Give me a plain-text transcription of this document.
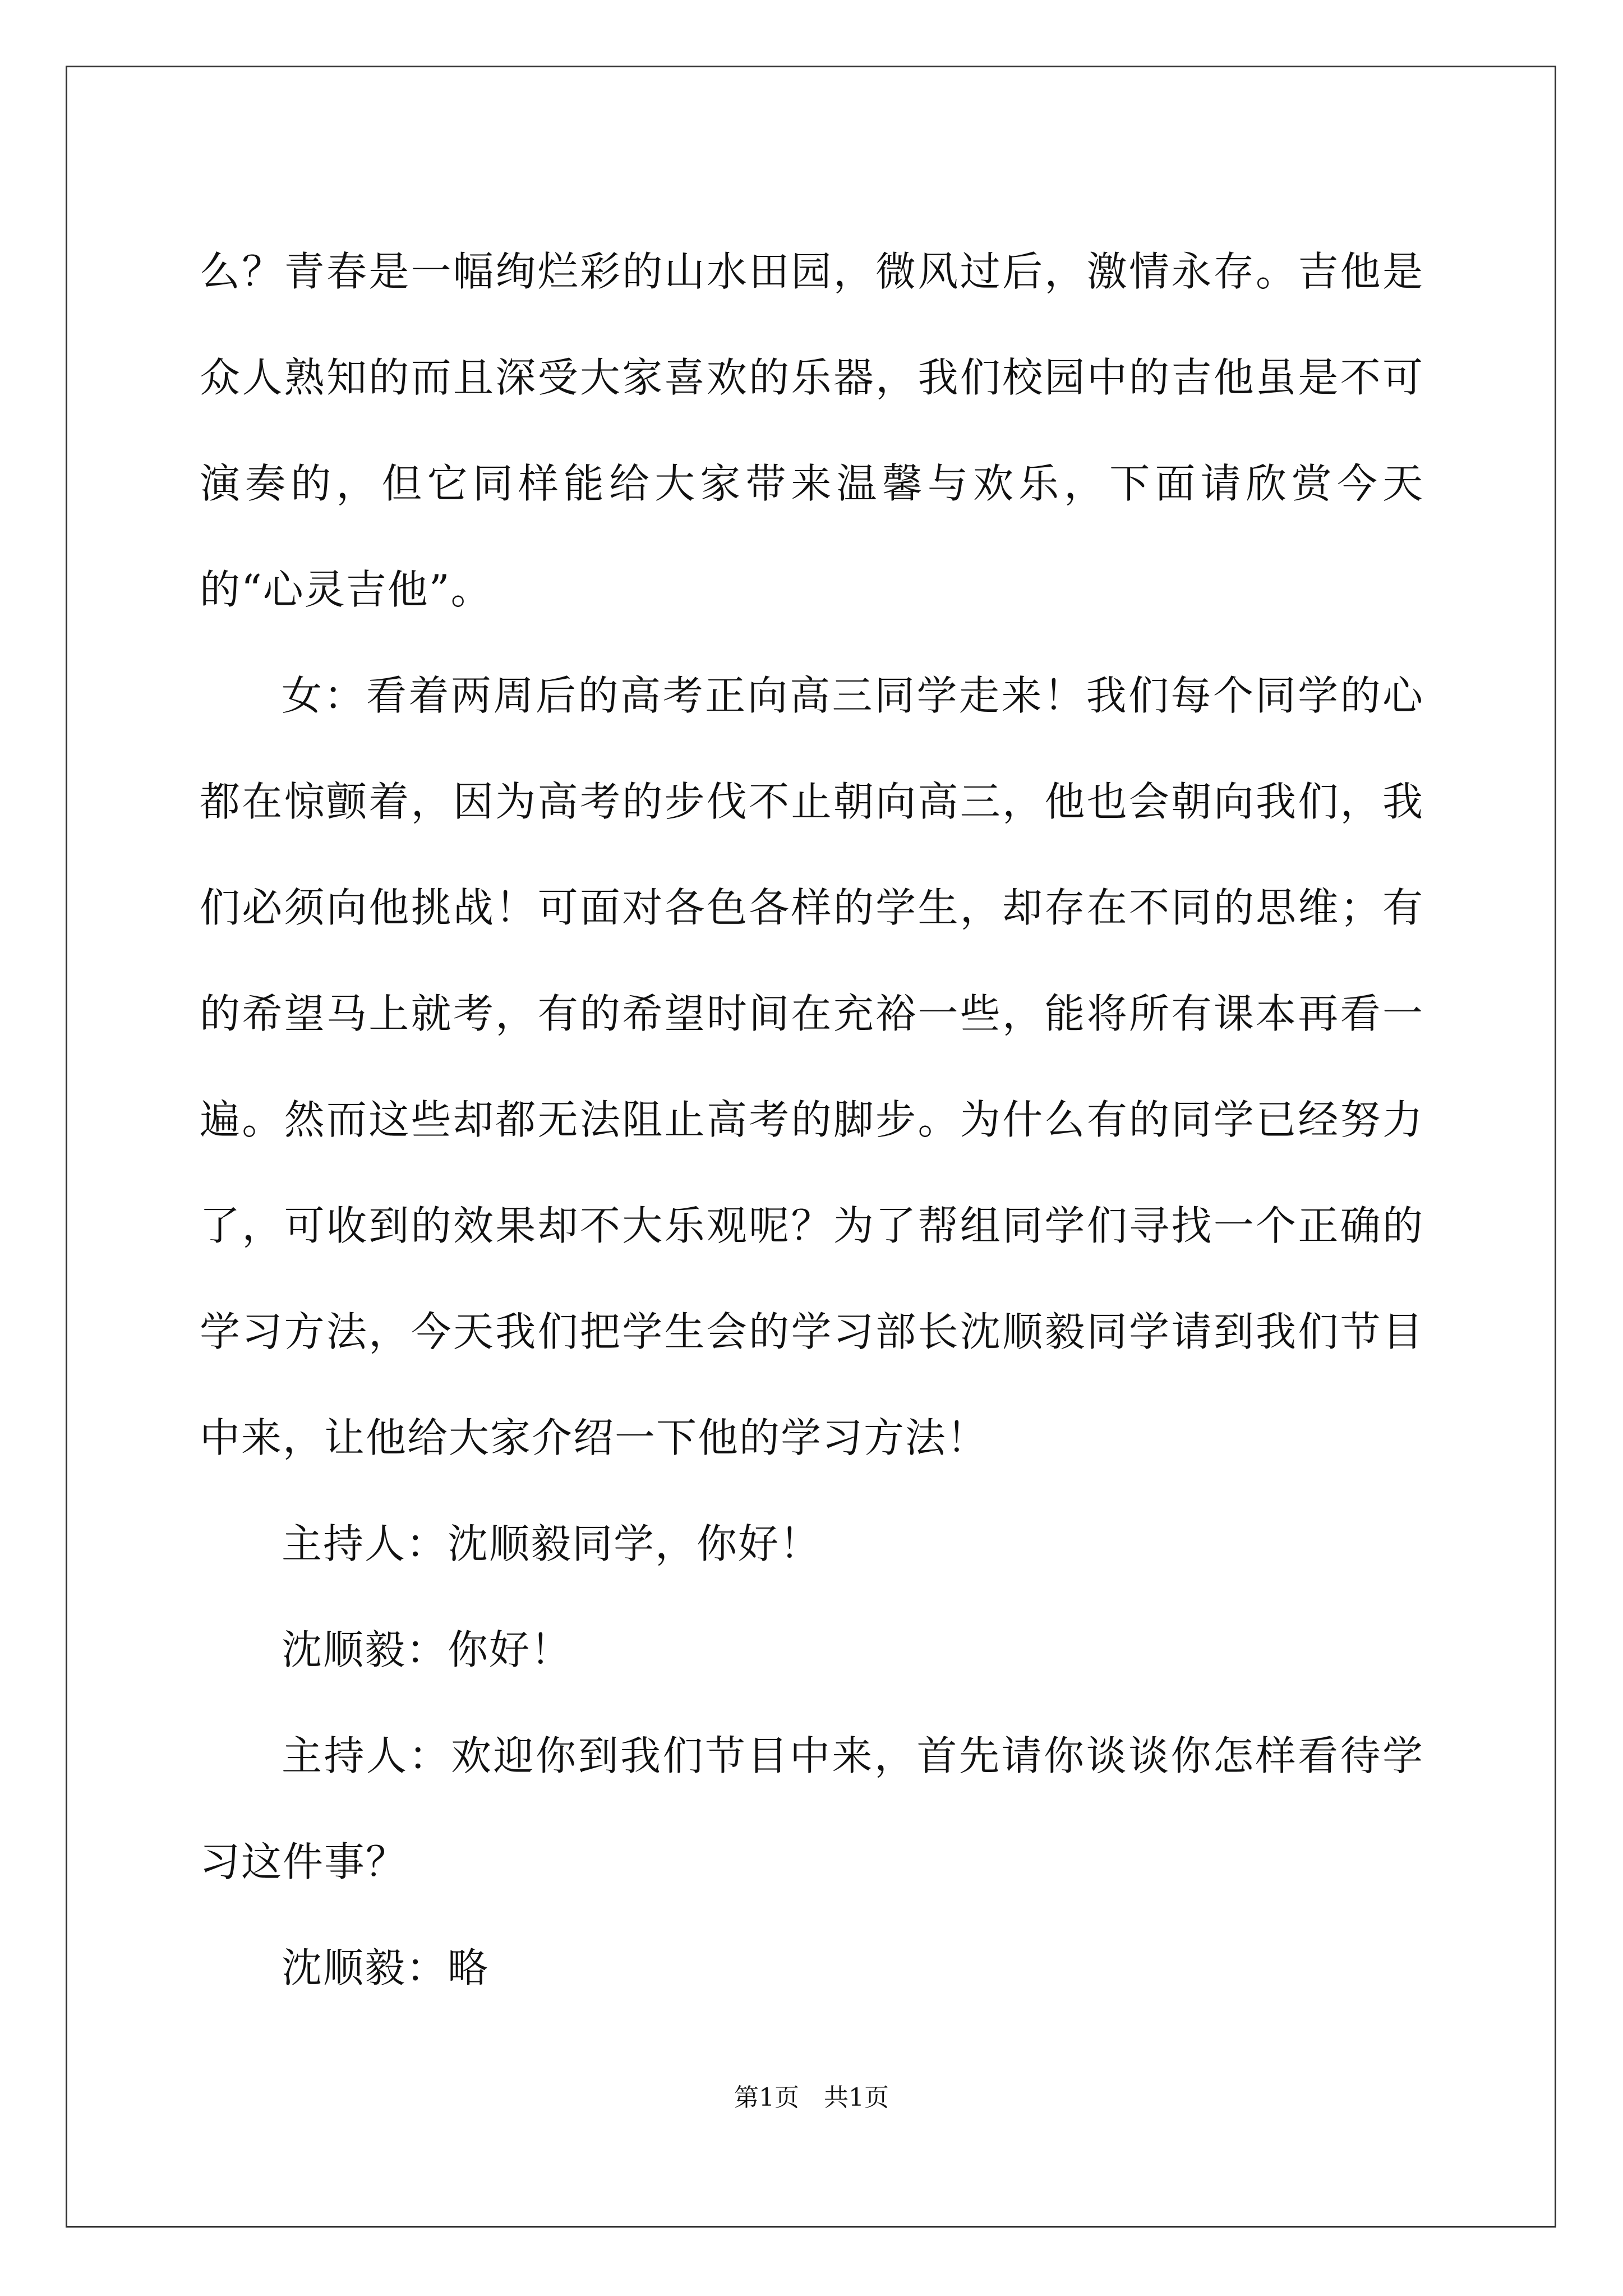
么？青春是一幅绚烂彩的山水田园，微风过后，激情永存。吉他是众人熟知的而且深受大家喜欢的乐器，我们校园中的吉他虽是不可演奏的，但它同样能给大家带来温馨与欢乐，下面请欣赏今天的“心灵吉他”。

女：看着两周后的高考正向高三同学走来！我们每个同学的心都在惊颤着，因为高考的步伐不止朝向高三，他也会朝向我们，我们必须向他挑战！可面对各色各样的学生，却存在不同的思维；有的希望马上就考，有的希望时间在充裕一些，能将所有课本再看一遍。然而这些却都无法阻止高考的脚步。为什么有的同学已经努力了，可收到的效果却不大乐观呢？为了帮组同学们寻找一个正确的学习方法，今天我们把学生会的学习部长沈顺毅同学请到我们节目中来，让他给大家介绍一下他的学习方法！

主持人：沈顺毅同学，你好！

沈顺毅：你好！

主持人：欢迎你到我们节目中来，首先请你谈谈你怎样看待学习这件事？

沈顺毅：略

第1页　共1页
